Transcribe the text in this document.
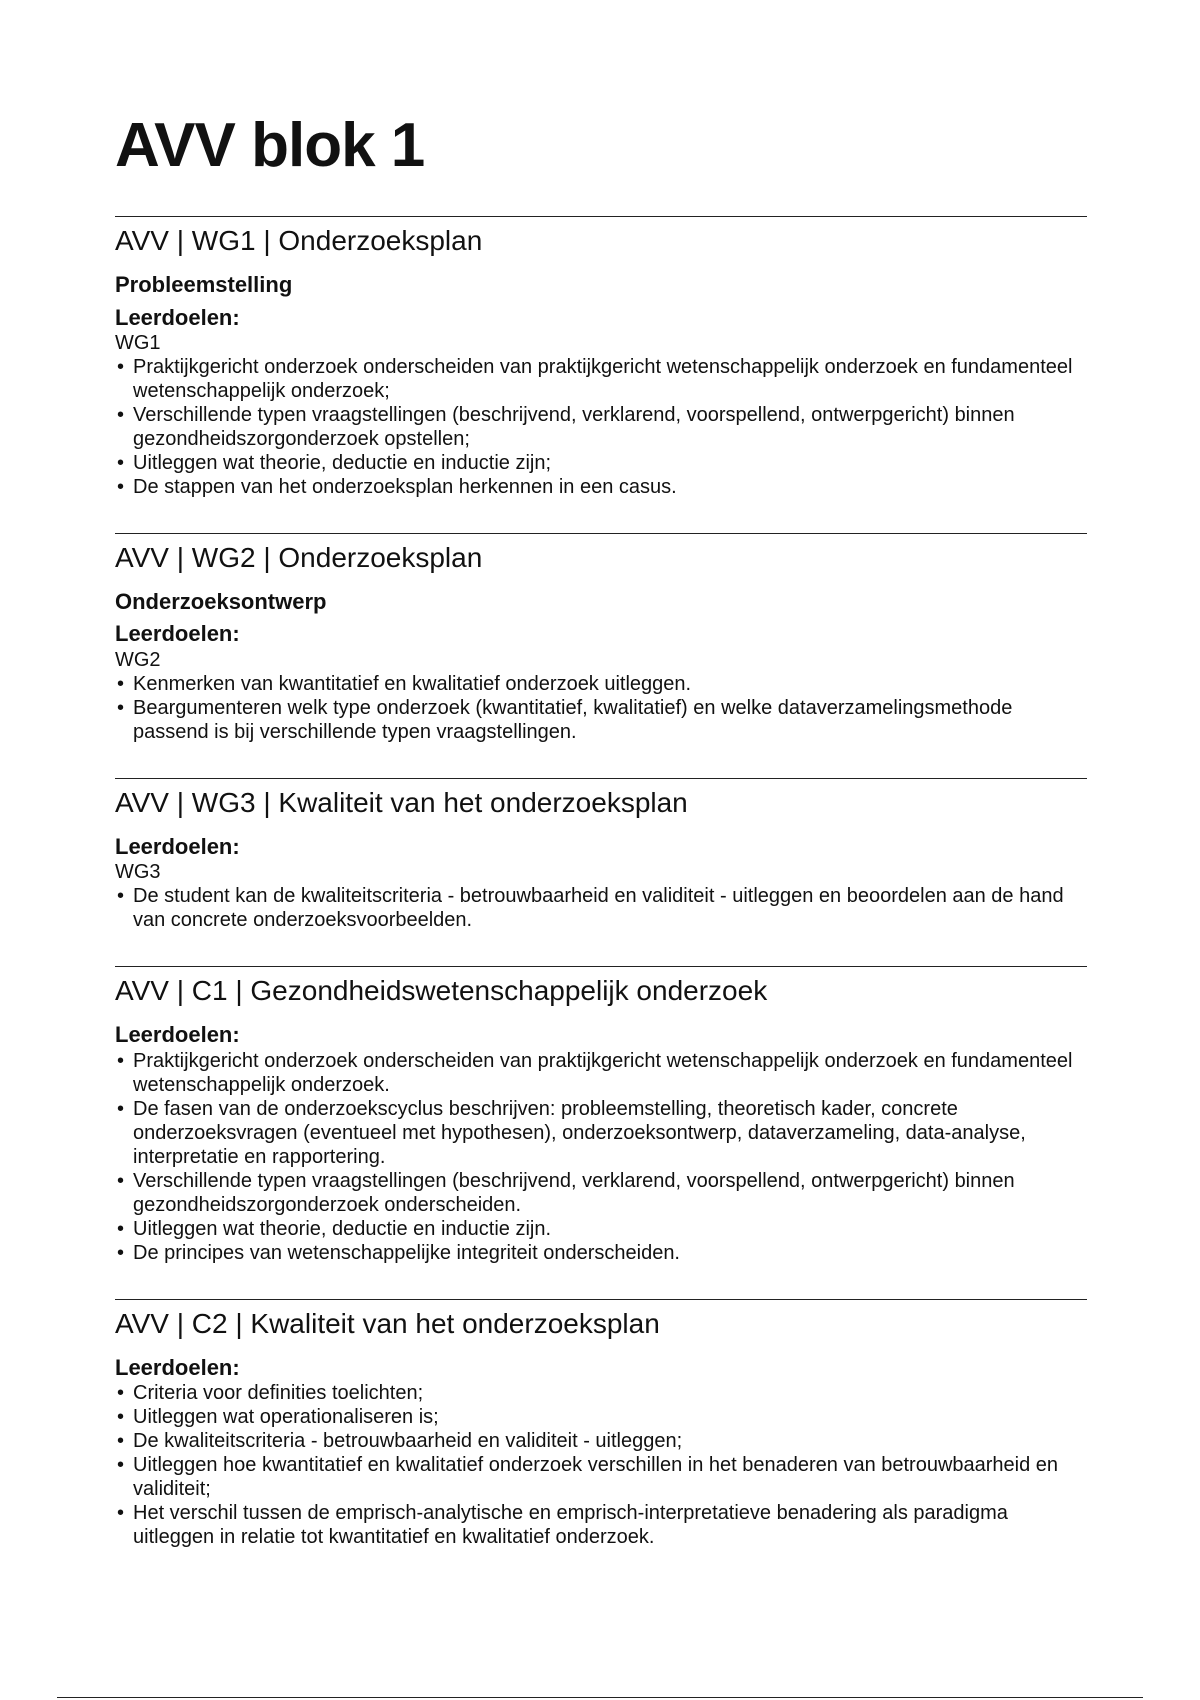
AVV blok 1
AVV | WG1 | Onderzoeksplan

Probleemstelling

Leerdoelen:

WG1

• Praktijkgericht onderzoek onderscheiden van praktijkgericht wetenschappelijk onderzoek en fundamenteel wetenschappelijk onderzoek;
• Verschillende typen vraagstellingen (beschrijvend, verklarend, voorspellend, ontwerpgericht) binnen gezondheidszorgonderzoek opstellen;
• Uitleggen wat theorie, deductie en inductie zijn;
• De stappen van het onderzoeksplan herkennen in een casus.
AVV | WG2 | Onderzoeksplan

Onderzoeksontwerp

Leerdoelen:

WG2

• Kenmerken van kwantitatief en kwalitatief onderzoek uitleggen.
• Beargumenteren welk type onderzoek (kwantitatief, kwalitatief) en welke dataverzamelingsmethode passend is bij verschillende typen vraagstellingen.
AVV | WG3 | Kwaliteit van het onderzoeksplan

Leerdoelen:

WG3

• De student kan de kwaliteitscriteria - betrouwbaarheid en validiteit - uitleggen en beoordelen aan de hand van concrete onderzoeksvoorbeelden.
AVV | C1 | Gezondheidswetenschappelijk onderzoek

Leerdoelen:

• Praktijkgericht onderzoek onderscheiden van praktijkgericht wetenschappelijk onderzoek en fundamenteel wetenschappelijk onderzoek.
• De fasen van de onderzoekscyclus beschrijven: probleemstelling, theoretisch kader, concrete onderzoeksvragen (eventueel met hypothesen), onderzoeksontwerp, dataverzameling, data-analyse, interpretatie en rapportering.
• Verschillende typen vraagstellingen (beschrijvend, verklarend, voorspellend, ontwerpgericht) binnen gezondheidszorgonderzoek onderscheiden.
• Uitleggen wat theorie, deductie en inductie zijn.
• De principes van wetenschappelijke integriteit onderscheiden.
AVV | C2 | Kwaliteit van het onderzoeksplan

Leerdoelen:

• Criteria voor definities toelichten;
• Uitleggen wat operationaliseren is;
• De kwaliteitscriteria - betrouwbaarheid en validiteit - uitleggen;
• Uitleggen hoe kwantitatief en kwalitatief onderzoek verschillen in het benaderen van betrouwbaarheid en validiteit;
• Het verschil tussen de emprisch-analytische en emprisch-interpretatieve benadering als paradigma uitleggen in relatie tot kwantitatief en kwalitatief onderzoek.
